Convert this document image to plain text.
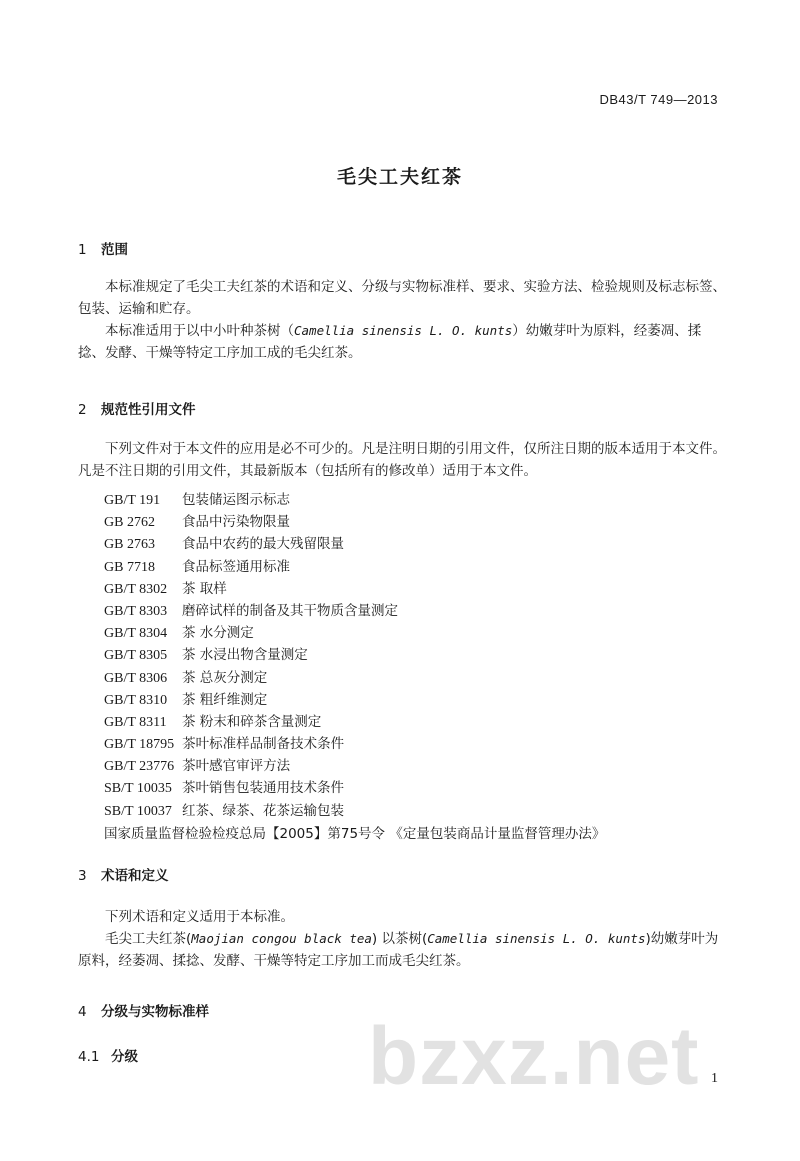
DB43/T 749—2013
毛尖工夫红茶
1 范围
本标准规定了毛尖工夫红茶的术语和定义、分级与实物标准样、要求、实验方法、检验规则及标志标签、包装、运输和贮存。
本标准适用于以中小叶种茶树（Camellia sinensis L. O. kunts）幼嫩芽叶为原料，经萎凋、揉捻、发酵、干燥等特定工序加工成的毛尖红茶。
2 规范性引用文件
下列文件对于本文件的应用是必不可少的。凡是注明日期的引用文件，仅所注日期的版本适用于本文件。凡是不注日期的引用文件，其最新版本（包括所有的修改单）适用于本文件。
GB/T 191 包装储运图示标志
GB 2762 食品中污染物限量
GB 2763 食品中农药的最大残留限量
GB 7718 食品标签通用标准
GB/T 8302 茶 取样
GB/T 8303 磨碎试样的制备及其干物质含量测定
GB/T 8304 茶 水分测定
GB/T 8305 茶 水浸出物含量测定
GB/T 8306 茶 总灰分测定
GB/T 8310 茶 粗纤维测定
GB/T 8311 茶 粉末和碎茶含量测定
GB/T 18795 茶叶标准样品制备技术条件
GB/T 23776 茶叶感官审评方法
SB/T 10035 茶叶销售包装通用技术条件
SB/T 10037 红茶、绿茶、花茶运输包装
国家质量监督检验检疫总局【2005】第75号令 《定量包装商品计量监督管理办法》
3 术语和定义
下列术语和定义适用于本标准。
毛尖工夫红茶(Maojian congou black tea) 以茶树(Camellia sinensis L. O. kunts)幼嫩芽叶为原料，经萎凋、揉捻、发酵、干燥等特定工序加工而成毛尖红茶。
4 分级与实物标准样
4.1 分级	bzxz.net 1
